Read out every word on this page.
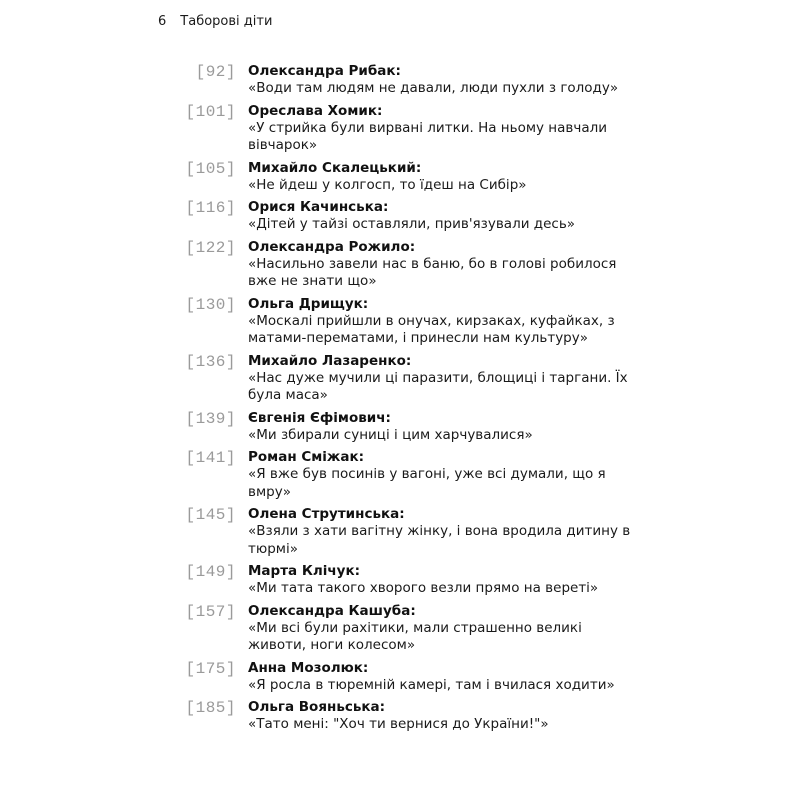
6 Таборові діти
[92] Олександра Рибак:
«Води там людям не давали, люди пухли з голоду»
[101] Орeслава Хомик:
«У стрийка були вирвані литки. На ньому навчали вівчарок»
[105] Михайло Скалецький:
«Не йдеш у колгосп, то їдеш на Сибір»
[116] Орися Качинська:
«Дітей у тайзі оставляли, прив'язували десь»
[122] Олександра Рожило:
«Насильно завели нас в баню, бо в голові робилося вже не знати що»
[130] Ольга Дрищук:
«Москалі прийшли в онучах, кирзаках, куфайках, з матами-перематами, і принесли нам культуру»
[136] Михайло Лазаренко:
«Нас дуже мучили ці паразити, блощиці і таргани. Їх була маса»
[139] Євгенія Єфімович:
«Ми збирали суниці і цим харчувалися»
[141] Роман Сміжак:
«Я вже був посинів у вагоні, уже всі думали, що я вмру»
[145] Олена Струтинська:
«Взяли з хати вагітну жінку, і вона вродила дитину в тюрмі»
[149] Марта Клічук:
«Ми тата такого хворого везли прямо на вереті»
[157] Олександра Кашуба:
«Ми всі були рахітики, мали страшенно великі животи, ноги колесом»
[175] Анна Мозолюк:
«Я росла в тюремній камері, там і вчилася ходити»
[185] Ольга Вояньська:
«Тато мені: "Хоч ти вернися до України!"»
